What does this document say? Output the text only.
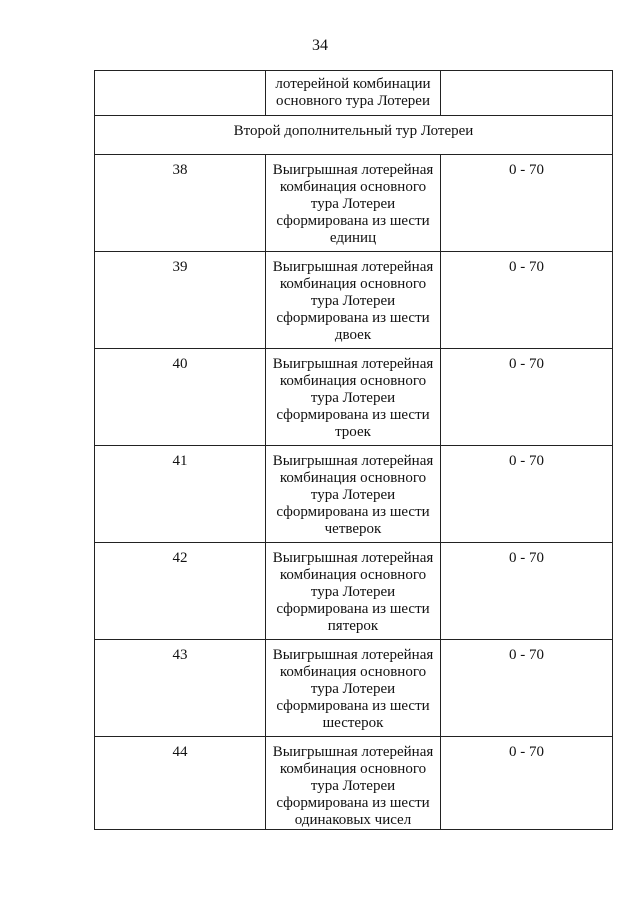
34

	лотерейной комбинации
основного тура Лотереи	

Второй дополнительный тур Лотереи		

38	Выигрышная лотерейная
комбинация основного
тура Лотереи
сформирована из шести
единиц	0 - 70

39	Выигрышная лотерейная
комбинация основного
тура Лотереи
сформирована из шести
двоек	0 - 70

40	Выигрышная лотерейная
комбинация основного
тура Лотереи
сформирована из шести
троек	0 - 70

41	Выигрышная лотерейная
комбинация основного
тура Лотереи
сформирована из шести
четверок	0 - 70

42	Выигрышная лотерейная
комбинация основного
тура Лотереи
сформирована из шести
пятерок	0 - 70

43	Выигрышная лотерейная
комбинация основного
тура Лотереи
сформирована из шести
шестерок	0 - 70

44	Выигрышная лотерейная
комбинация основного
тура Лотереи
сформирована из шести
одинаковых чисел	0 - 70
